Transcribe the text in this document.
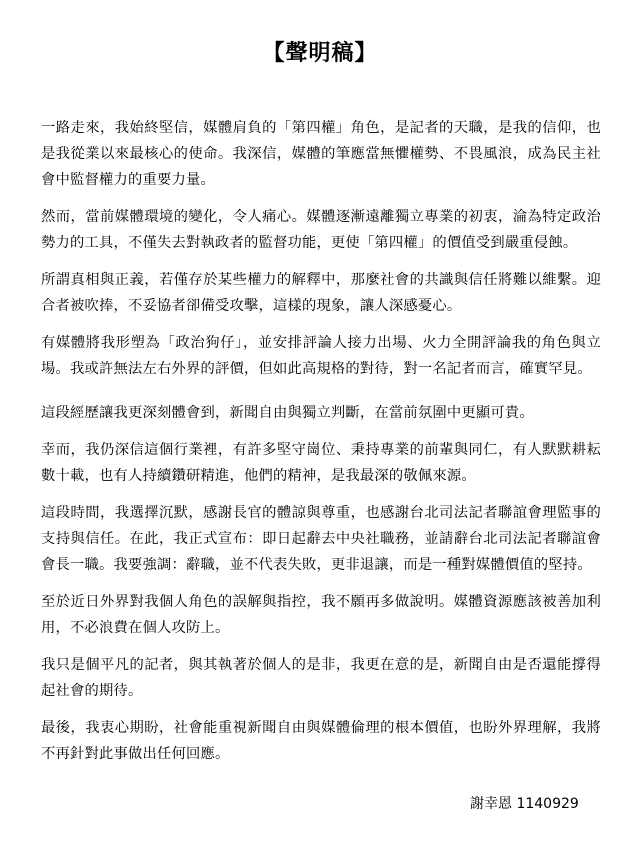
【聲明稿】

一路走來，我始終堅信，媒體肩負的「第四權」角色，是記者的天職，是我的信仰，也是我從業以來最核心的使命。我深信，媒體的筆應當無懼權勢、不畏風浪，成為民主社會中監督權力的重要力量。

然而，當前媒體環境的變化，令人痛心。媒體逐漸遠離獨立專業的初衷，淪為特定政治勢力的工具，不僅失去對執政者的監督功能，更使「第四權」的價值受到嚴重侵蝕。

所謂真相與正義，若僅存於某些權力的解釋中，那麼社會的共識與信任將難以維繫。迎合者被吹捧，不妥協者卻備受攻擊，這樣的現象，讓人深感憂心。

有媒體將我形塑為「政治狗仔」，並安排評論人接力出場、火力全開評論我的角色與立場。我或許無法左右外界的評價，但如此高規格的對待，對一名記者而言，確實罕見。

這段經歷讓我更深刻體會到，新聞自由與獨立判斷，在當前氛圍中更顯可貴。

幸而，我仍深信這個行業裡，有許多堅守崗位、秉持專業的前輩與同仁，有人默默耕耘數十載，也有人持續鑽研精進，他們的精神，是我最深的敬佩來源。

這段時間，我選擇沉默，感謝長官的體諒與尊重，也感謝台北司法記者聯誼會理監事的支持與信任。在此，我正式宣布：即日起辭去中央社職務，並請辭台北司法記者聯誼會會長一職。我要強調：辭職，並不代表失敗，更非退讓，而是一種對媒體價值的堅持。

至於近日外界對我個人角色的誤解與指控，我不願再多做說明。媒體資源應該被善加利用，不必浪費在個人攻防上。

我只是個平凡的記者，與其執著於個人的是非，我更在意的是，新聞自由是否還能撐得起社會的期待。

最後，我衷心期盼，社會能重視新聞自由與媒體倫理的根本價值，也盼外界理解，我將不再針對此事做出任何回應。

謝幸恩 1140929
